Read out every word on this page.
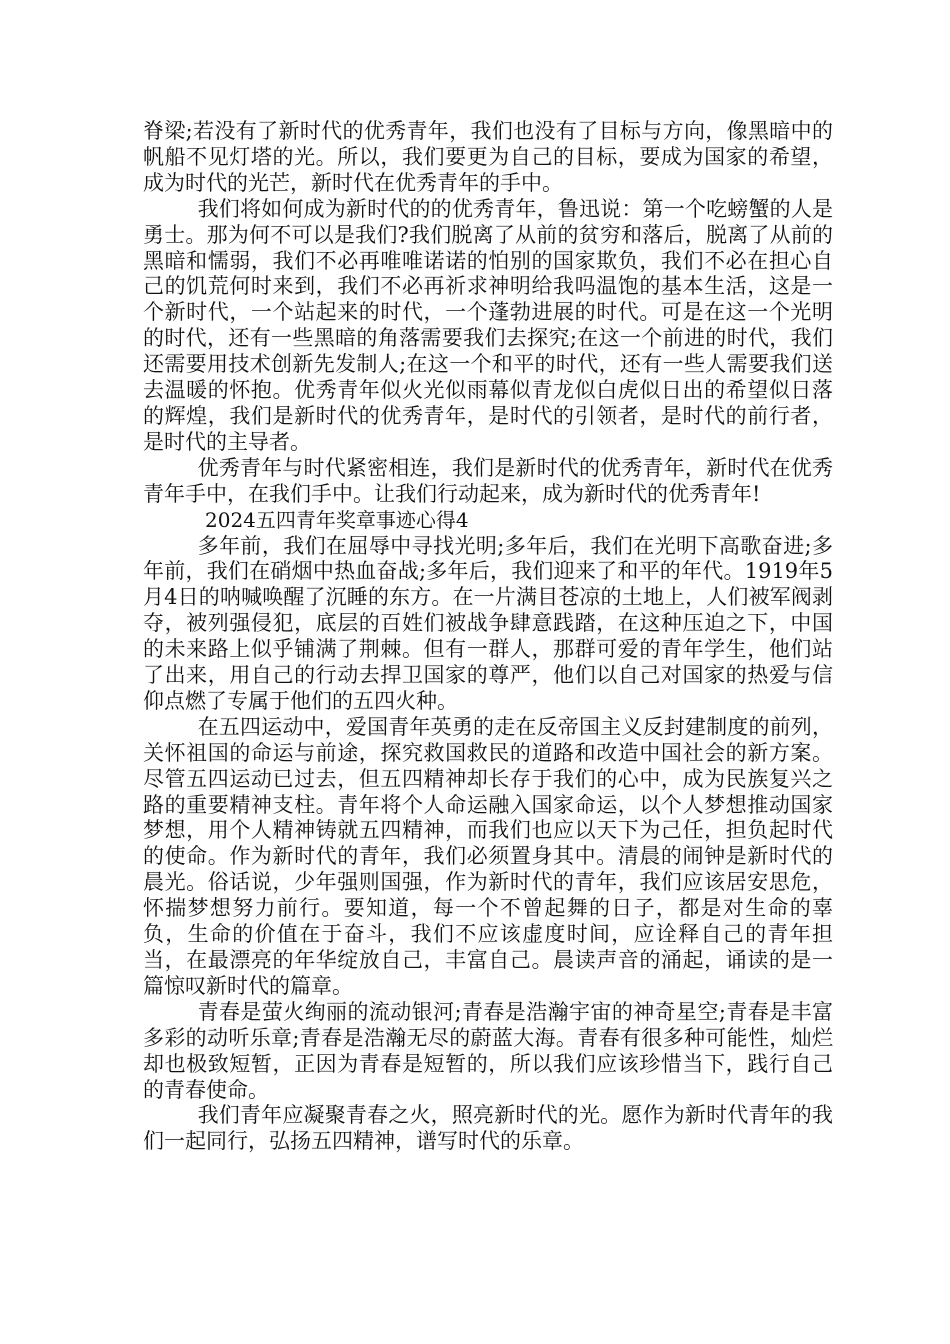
脊梁;若没有了新时代的优秀青年，我们也没有了目标与方向，像黑暗中的帆船不见灯塔的光。所以，我们要更为自己的目标，要成为国家的希望，成为时代的光芒，新时代在优秀青年的手中。

我们将如何成为新时代的的优秀青年，鲁迅说：第一个吃螃蟹的人是勇士。那为何不可以是我们?我们脱离了从前的贫穷和落后，脱离了从前的黑暗和懦弱，我们不必再唯唯诺诺的怕别的国家欺负，我们不必在担心自己的饥荒何时来到，我们不必再祈求神明给我吗温饱的基本生活，这是一个新时代，一个站起来的时代，一个蓬勃进展的时代。可是在这一个光明的时代，还有一些黑暗的角落需要我们去探究;在这一个前进的时代，我们还需要用技术创新先发制人;在这一个和平的时代，还有一些人需要我们送去温暖的怀抱。优秀青年似火光似雨幕似青龙似白虎似日出的希望似日落的辉煌，我们是新时代的优秀青年，是时代的引领者，是时代的前行者，是时代的主导者。

优秀青年与时代紧密相连，我们是新时代的优秀青年，新时代在优秀青年手中，在我们手中。让我们行动起来，成为新时代的优秀青年!

2024五四青年奖章事迹心得4

多年前，我们在屈辱中寻找光明;多年后，我们在光明下高歌奋进;多年前，我们在硝烟中热血奋战;多年后，我们迎来了和平的年代。1919年5月4日的呐喊唤醒了沉睡的东方。在一片满目苍凉的土地上，人们被军阀剥夺，被列强侵犯，底层的百姓们被战争肆意践踏，在这种压迫之下，中国的未来路上似乎铺满了荆棘。但有一群人，那群可爱的青年学生，他们站了出来，用自己的行动去捍卫国家的尊严，他们以自己对国家的热爱与信仰点燃了专属于他们的五四火种。

在五四运动中，爱国青年英勇的走在反帝国主义反封建制度的前列，关怀祖国的命运与前途，探究救国救民的道路和改造中国社会的新方案。尽管五四运动已过去，但五四精神却长存于我们的心中，成为民族复兴之路的重要精神支柱。青年将个人命运融入国家命运，以个人梦想推动国家梦想，用个人精神铸就五四精神，而我们也应以天下为己任，担负起时代的使命。作为新时代的青年，我们必须置身其中。清晨的闹钟是新时代的晨光。俗话说，少年强则国强，作为新时代的青年，我们应该居安思危，怀揣梦想努力前行。要知道，每一个不曾起舞的日子，都是对生命的辜负，生命的价值在于奋斗，我们不应该虚度时间，应诠释自己的青年担当，在最漂亮的年华绽放自己，丰富自己。晨读声音的涌起，诵读的是一篇惊叹新时代的篇章。

青春是萤火绚丽的流动银河;青春是浩瀚宇宙的神奇星空;青春是丰富多彩的动听乐章;青春是浩瀚无尽的蔚蓝大海。青春有很多种可能性，灿烂却也极致短暂，正因为青春是短暂的，所以我们应该珍惜当下，践行自己的青春使命。

我们青年应凝聚青春之火，照亮新时代的光。愿作为新时代青年的我们一起同行，弘扬五四精神，谱写时代的乐章。
